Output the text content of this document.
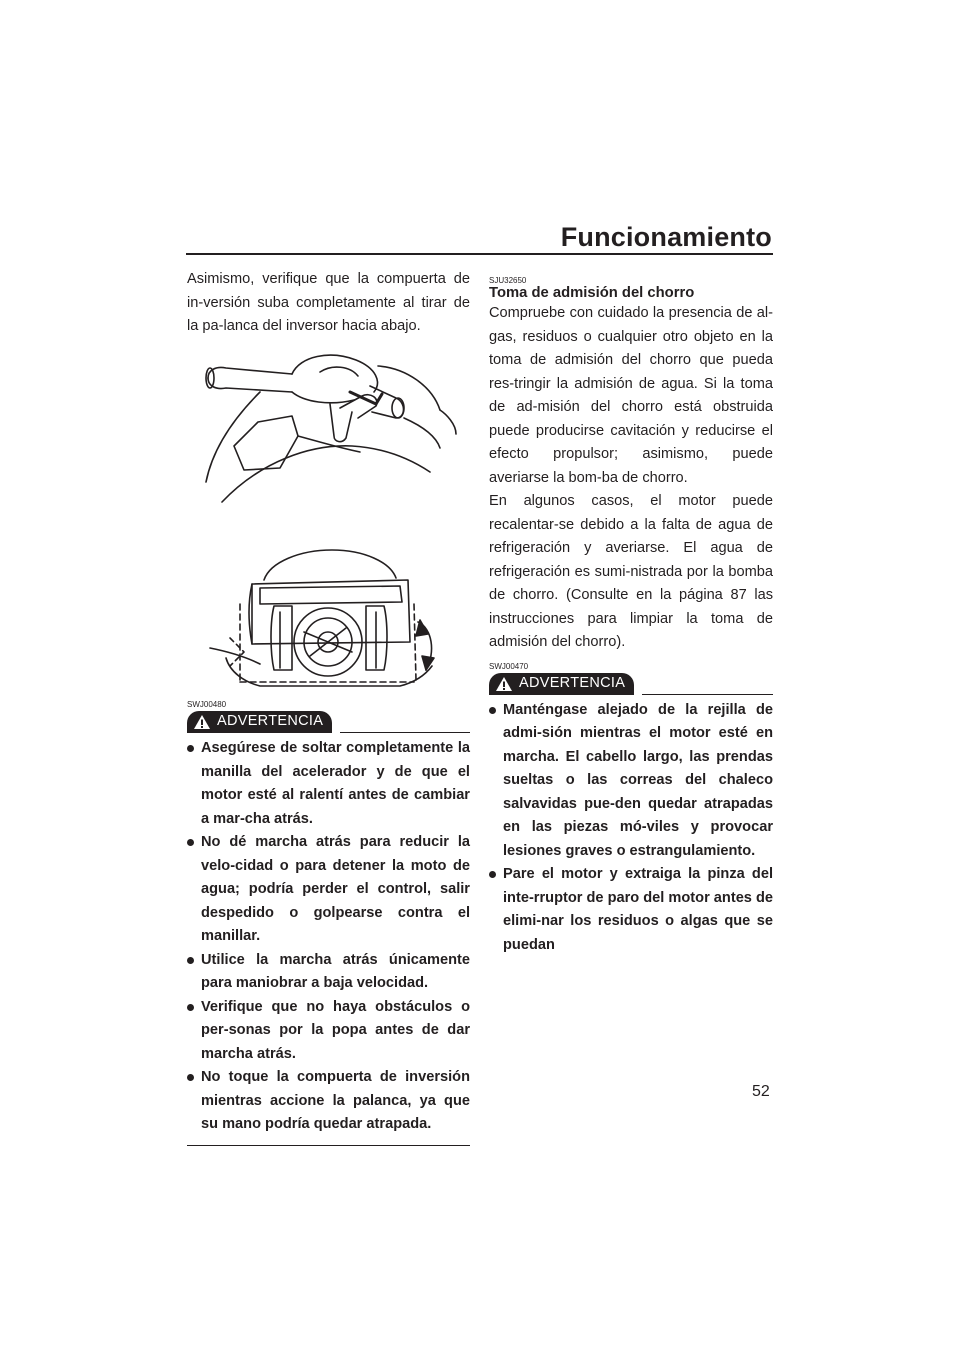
Funcionamiento

Asimismo, verifique que la compuerta de in-versión suba completamente al tirar de la pa-lanca del inversor hacia abajo.

SWJ00480
ADVERTENCIA
Asegúrese de soltar completamente la manilla del acelerador y de que el motor esté al ralentí antes de cambiar a mar-cha atrás.
No dé marcha atrás para reducir la velo-cidad o para detener la moto de agua; podría perder el control, salir despedido o golpearse contra el manillar.
Utilice la marcha atrás únicamente para maniobrar a baja velocidad.
Verifique que no haya obstáculos o per-sonas por la popa antes de dar marcha atrás.
No toque la compuerta de inversión mientras accione la palanca, ya que su mano podría quedar atrapada.
SJU32650

Toma de admisión del chorro

Compruebe con cuidado la presencia de al-gas, residuos o cualquier otro objeto en la toma de admisión del chorro que pueda res-tringir la admisión de agua. Si la toma de ad-misión del chorro está obstruida puede producirse cavitación y reducirse el efecto propulsor; asimismo, puede averiarse la bom-ba de chorro.

En algunos casos, el motor puede recalentar-se debido a la falta de agua de refrigeración y averiarse. El agua de refrigeración es sumi-nistrada por la bomba de chorro. (Consulte en la página 87 las instrucciones para limpiar la toma de admisión del chorro).

SWJ00470
ADVERTENCIA
Manténgase alejado de la rejilla de admi-sión mientras el motor esté en marcha. El cabello largo, las prendas sueltas o las correas del chaleco salvavidas pue-den quedar atrapadas en las piezas mó-viles y provocar lesiones graves o estrangulamiento.
Pare el motor y extraiga la pinza del inte-rruptor de paro del motor antes de elimi-nar los residuos o algas que se puedan
52
